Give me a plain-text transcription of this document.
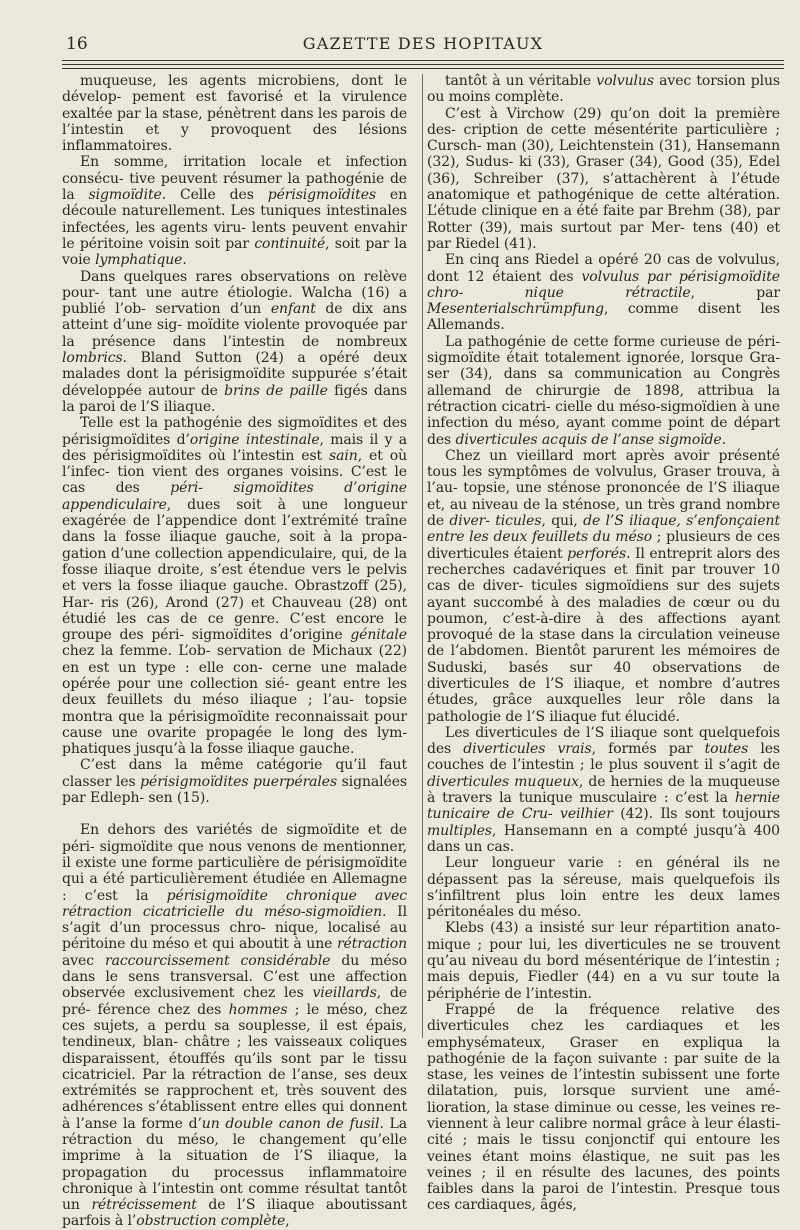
16	GAZETTE DES HOPITAUX

muqueuse, les agents microbiens, dont le dévelop- pement est favorisé et la virulence exaltée par la stase, pénètrent dans les parois de l’intestin et y provoquent des lésions inflammatoires.

En somme, irritation locale et infection consécu- tive peuvent résumer la pathogénie de la sigmoïdite. Celle des périsigmoïdites en découle naturellement. Les tuniques intestinales infectées, les agents viru- lents peuvent envahir le péritoine voisin soit par continuité, soit par la voie lymphatique.

Dans quelques rares observations on relève pour- tant une autre étiologie. Walcha (16) a publié l’ob- servation d’un enfant de dix ans atteint d’une sig- moïdite violente provoquée par la présence dans l’intestin de nombreux lombrics. Bland Sutton (24) a opéré deux malades dont la périsigmoïdite suppurée s’était développée autour de brins de paille figés dans la paroi de l’S iliaque.

Telle est la pathogénie des sigmoïdites et des périsigmoïdites d’origine intestinale, mais il y a des périsigmoïdites où l’intestin est sain, et où l’infec- tion vient des organes voisins. C’est le cas des péri- sigmoïdites d’origine appendiculaire, dues soit à une longueur exagérée de l’appendice dont l’extrémité traîne dans la fosse iliaque gauche, soit à la propa- gation d’une collection appendiculaire, qui, de la fosse iliaque droite, s’est étendue vers le pelvis et vers la fosse iliaque gauche. Obrastzoff (25), Har- ris (26), Arond (27) et Chauveau (28) ont étudié les cas de ce genre. C’est encore le groupe des péri- sigmoïdites d’origine génitale chez la femme. L’ob- servation de Michaux (22) en est un type : elle con- cerne une malade opérée pour une collection sié- geant entre les deux feuillets du méso iliaque ; l’au- topsie montra que la périsigmoïdite reconnaissait pour cause une ovarite propagée le long des lym- phatiques jusqu’à la fosse iliaque gauche.

C’est dans la même catégorie qu’il faut classer les périsigmoïdites puerpérales signalées par Edleph- sen (15).

En dehors des variétés de sigmoïdite et de péri- sigmoïdite que nous venons de mentionner, il existe une forme particulière de périsigmoïdite qui a été particulièrement étudiée en Allemagne : c’est la périsigmoïdite chronique avec rétraction cicatricielle du méso-sigmoïdien. Il s’agit d’un processus chro- nique, localisé au péritoine du méso et qui aboutit à une rétraction avec raccourcissement considérable du méso dans le sens transversal. C’est une affection observée exclusivement chez les vieillards, de pré- férence chez des hommes ; le méso, chez ces sujets, a perdu sa souplesse, il est épais, tendineux, blan- châtre ; les vaisseaux coliques disparaissent, étouffés qu’ils sont par le tissu cicatriciel. Par la rétraction de l’anse, ses deux extrémités se rapprochent et, très souvent des adhérences s’établissent entre elles qui donnent à l’anse la forme d’un double canon de fusil. La rétraction du méso, le changement qu’elle imprime à la situation de l’S iliaque, la propagation du processus inflammatoire chronique à l’intestin ont comme résultat tantôt un rétrécissement de l’S iliaque aboutissant parfois à l’obstruction complète,

tantôt à un véritable volvulus avec torsion plus ou moins complète.

C’est à Virchow (29) qu’on doit la première des- cription de cette mésentérite particulière ; Cursch- man (30), Leichtenstein (31), Hansemann (32), Sudus- ki (33), Graser (34), Good (35), Edel (36), Schreiber (37), s’attachèrent à l’étude anatomique et pathogénique de cette altération. L’étude clinique en a été faite par Brehm (38), par Rotter (39), mais surtout par Mer- tens (40) et par Riedel (41).

En cinq ans Riedel a opéré 20 cas de volvulus, dont 12 étaient des volvulus par périsigmoïdite chro- nique rétractile, par Mesenterialschrümpfung, comme disent les Allemands.

La pathogénie de cette forme curieuse de péri- sigmoïdite était totalement ignorée, lorsque Gra- ser (34), dans sa communication au Congrès allemand de chirurgie de 1898, attribua la rétraction cicatri- cielle du méso-sigmoïdien à une infection du méso, ayant comme point de départ des diverticules acquis de l’anse sigmoïde.

Chez un vieillard mort après avoir présenté tous les symptômes de volvulus, Graser trouva, à l’au- topsie, une sténose prononcée de l’S iliaque et, au niveau de la sténose, un très grand nombre de diver- ticules, qui, de l’S iliaque, s’enfonçaient entre les deux feuillets du méso ; plusieurs de ces diverticules étaient perforés. Il entreprit alors des recherches cadavériques et finit par trouver 10 cas de diver- ticules sigmoïdiens sur des sujets ayant succombé à des maladies de cœur ou du poumon, c’est-à-dire à des affections ayant provoqué de la stase dans la circulation veineuse de l’abdomen. Bientôt parurent les mémoires de Suduski, basés sur 40 observations de diverticules de l’S iliaque, et nombre d’autres études, grâce auxquelles leur rôle dans la pathologie de l’S iliaque fut élucidé.

Les diverticules de l’S iliaque sont quelquefois des diverticules vrais, formés par toutes les couches de l’intestin ; le plus souvent il s’agit de diverticules muqueux, de hernies de la muqueuse à travers la tunique musculaire : c’est la hernie tunicaire de Cru- veilhier (42). Ils sont toujours multiples, Hansemann en a compté jusqu’à 400 dans un cas.

Leur longueur varie : en général ils ne dépassent pas la séreuse, mais quelquefois ils s’infiltrent plus loin entre les deux lames péritonéales du méso.

Klebs (43) a insisté sur leur répartition anato- mique ; pour lui, les diverticules ne se trouvent qu’au niveau du bord mésentérique de l’intestin ; mais depuis, Fiedler (44) en a vu sur toute la périphérie de l’intestin.

Frappé de la fréquence relative des diverticules chez les cardiaques et les emphysémateux, Graser en expliqua la pathogénie de la façon suivante : par suite de la stase, les veines de l’intestin subissent une forte dilatation, puis, lorsque survient une amé- lioration, la stase diminue ou cesse, les veines re- viennent à leur calibre normal grâce à leur élasti- cité ; mais le tissu conjonctif qui entoure les veines étant moins élastique, ne suit pas les veines ; il en résulte des lacunes, des points faibles dans la paroi de l’intestin. Presque tous ces cardiaques, âgés,
